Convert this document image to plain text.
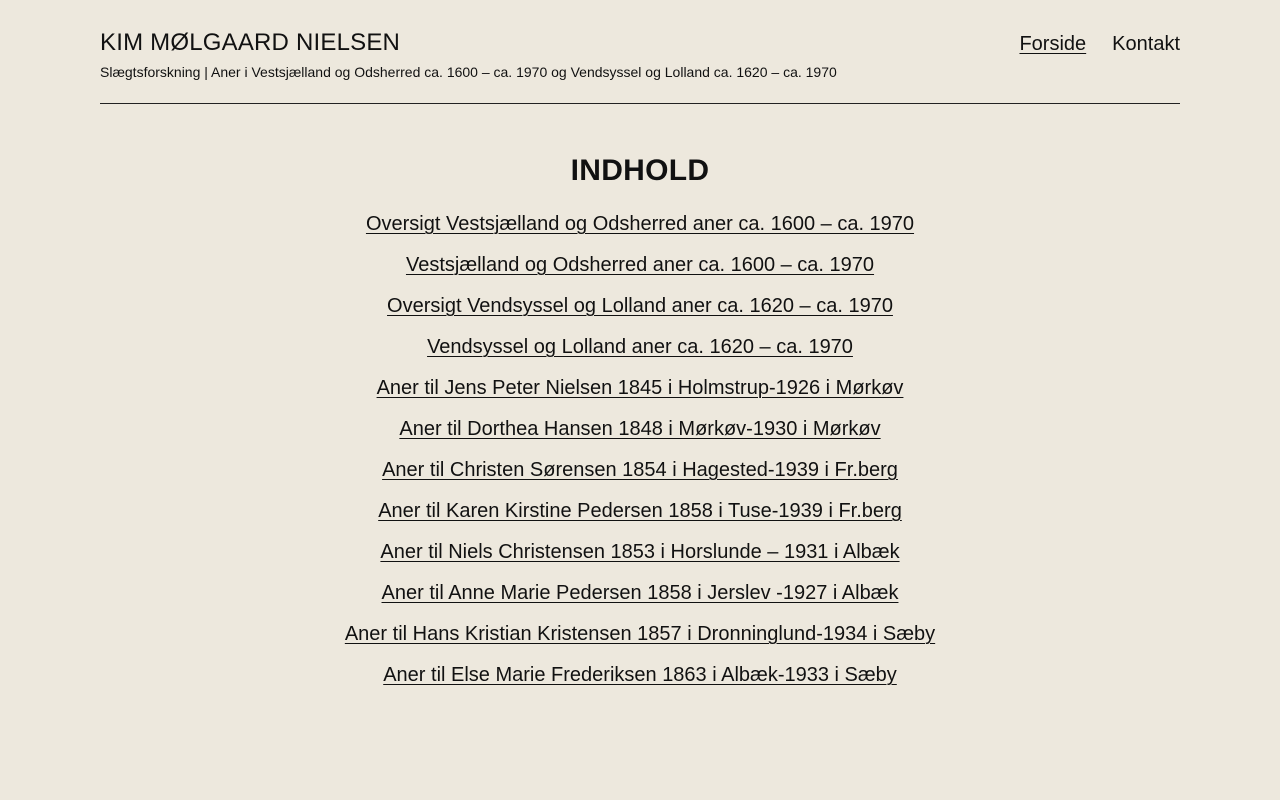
KIM MØLGAARD NIELSEN

Slægtsforskning | Aner i Vestsjælland og Odsherred ca. 1600 – ca. 1970 og Vendsyssel og Lolland ca. 1620 – ca. 1970

Forside Kontakt
INDHOLD
Oversigt Vestsjælland og Odsherred aner ca. 1600 – ca. 1970
Vestsjælland og Odsherred aner ca. 1600 – ca. 1970
Oversigt Vendsyssel og Lolland aner ca. 1620 – ca. 1970
Vendsyssel og Lolland aner ca. 1620 – ca. 1970
Aner til Jens Peter Nielsen 1845 i Holmstrup-1926 i Mørkøv
Aner til Dorthea Hansen 1848 i Mørkøv-1930 i Mørkøv
Aner til Christen Sørensen 1854 i Hagested-1939 i Fr.berg
Aner til Karen Kirstine Pedersen 1858 i Tuse-1939 i Fr.berg
Aner til Niels Christensen 1853 i Horslunde – 1931 i Albæk
Aner til Anne Marie Pedersen 1858 i Jerslev -1927 i Albæk
Aner til Hans Kristian Kristensen 1857 i Dronninglund-1934 i Sæby
Aner til Else Marie Frederiksen 1863 i Albæk-1933 i Sæby
